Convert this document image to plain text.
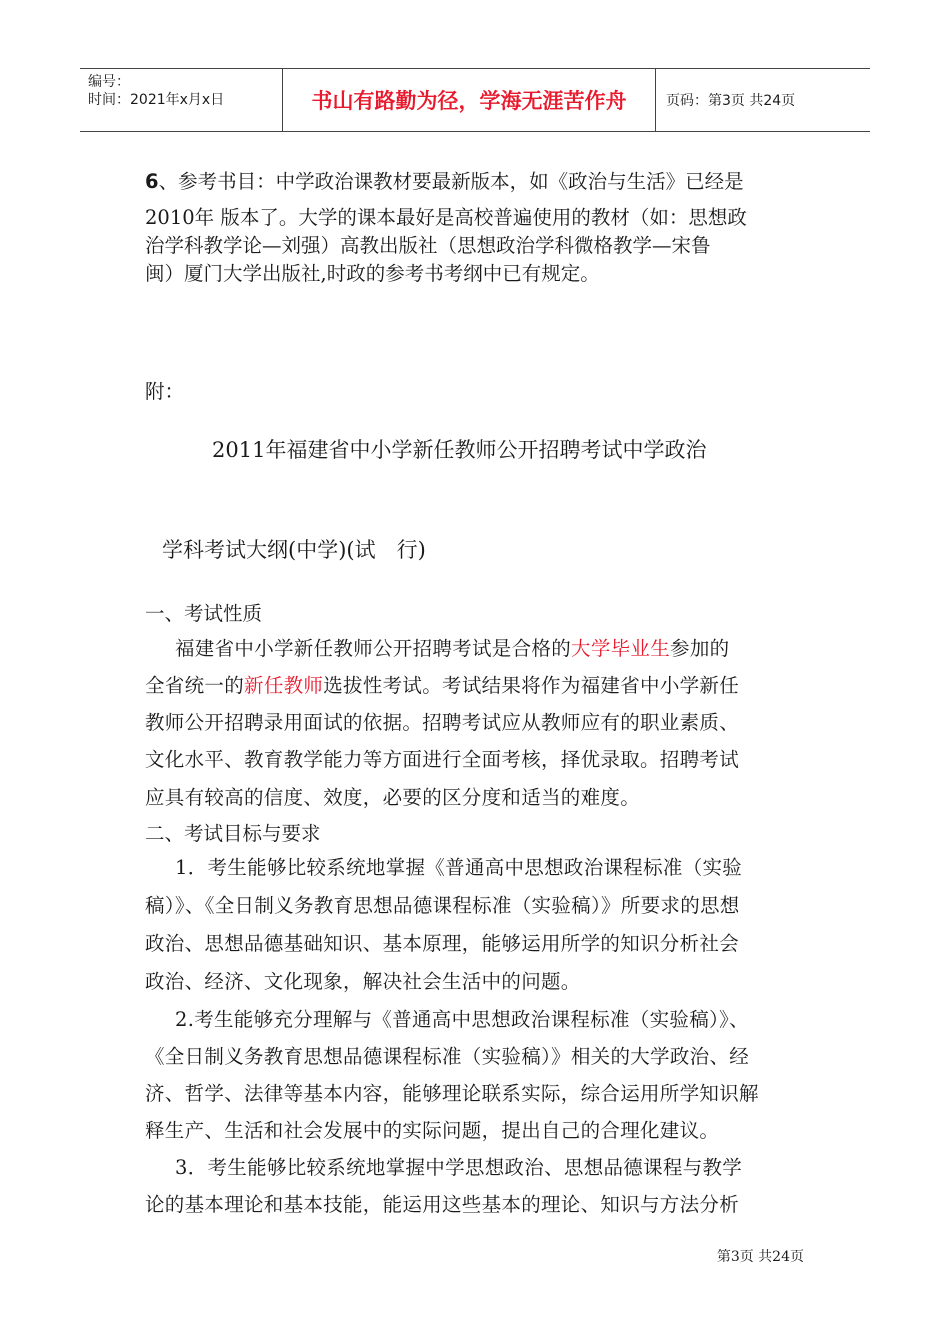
编号：
时间：2021年x月x日	书山有路勤为径，学海无涯苦作舟	页码：第3页 共24页
6、参考书目：中学政治课教材要最新版本，如《政治与生活》已经是
2010年 版本了。大学的课本最好是高校普遍使用的教材（如：思想政
治学科教学论—刘强）高教出版社（思想政治学科微格教学—宋鲁
闽）厦门大学出版社,时政的参考书考纲中已有规定。
附：
2011年福建省中小学新任教师公开招聘考试中学政治
学科考试大纲(中学)(试　行)
一、考试性质
福建省中小学新任教师公开招聘考试是合格的大学毕业生参加的
全省统一的新任教师选拔性考试。考试结果将作为福建省中小学新任
教师公开招聘录用面试的依据。招聘考试应从教师应有的职业素质、
文化水平、教育教学能力等方面进行全面考核，择优录取。招聘考试
应具有较高的信度、效度，必要的区分度和适当的难度。
二、考试目标与要求
1．考生能够比较系统地掌握《普通高中思想政治课程标准（实验
稿）》、《全日制义务教育思想品德课程标准（实验稿）》所要求的思想
政治、思想品德基础知识、基本原理，能够运用所学的知识分析社会
政治、经济、文化现象，解决社会生活中的问题。
2.考生能够充分理解与《普通高中思想政治课程标准（实验稿）》、
《全日制义务教育思想品德课程标准（实验稿）》相关的大学政治、经
济、哲学、法律等基本内容，能够理论联系实际，综合运用所学知识解
释生产、生活和社会发展中的实际问题，提出自己的合理化建议。
3．考生能够比较系统地掌握中学思想政治、思想品德课程与教学
论的基本理论和基本技能，能运用这些基本的理论、知识与方法分析
第3页 共24页
